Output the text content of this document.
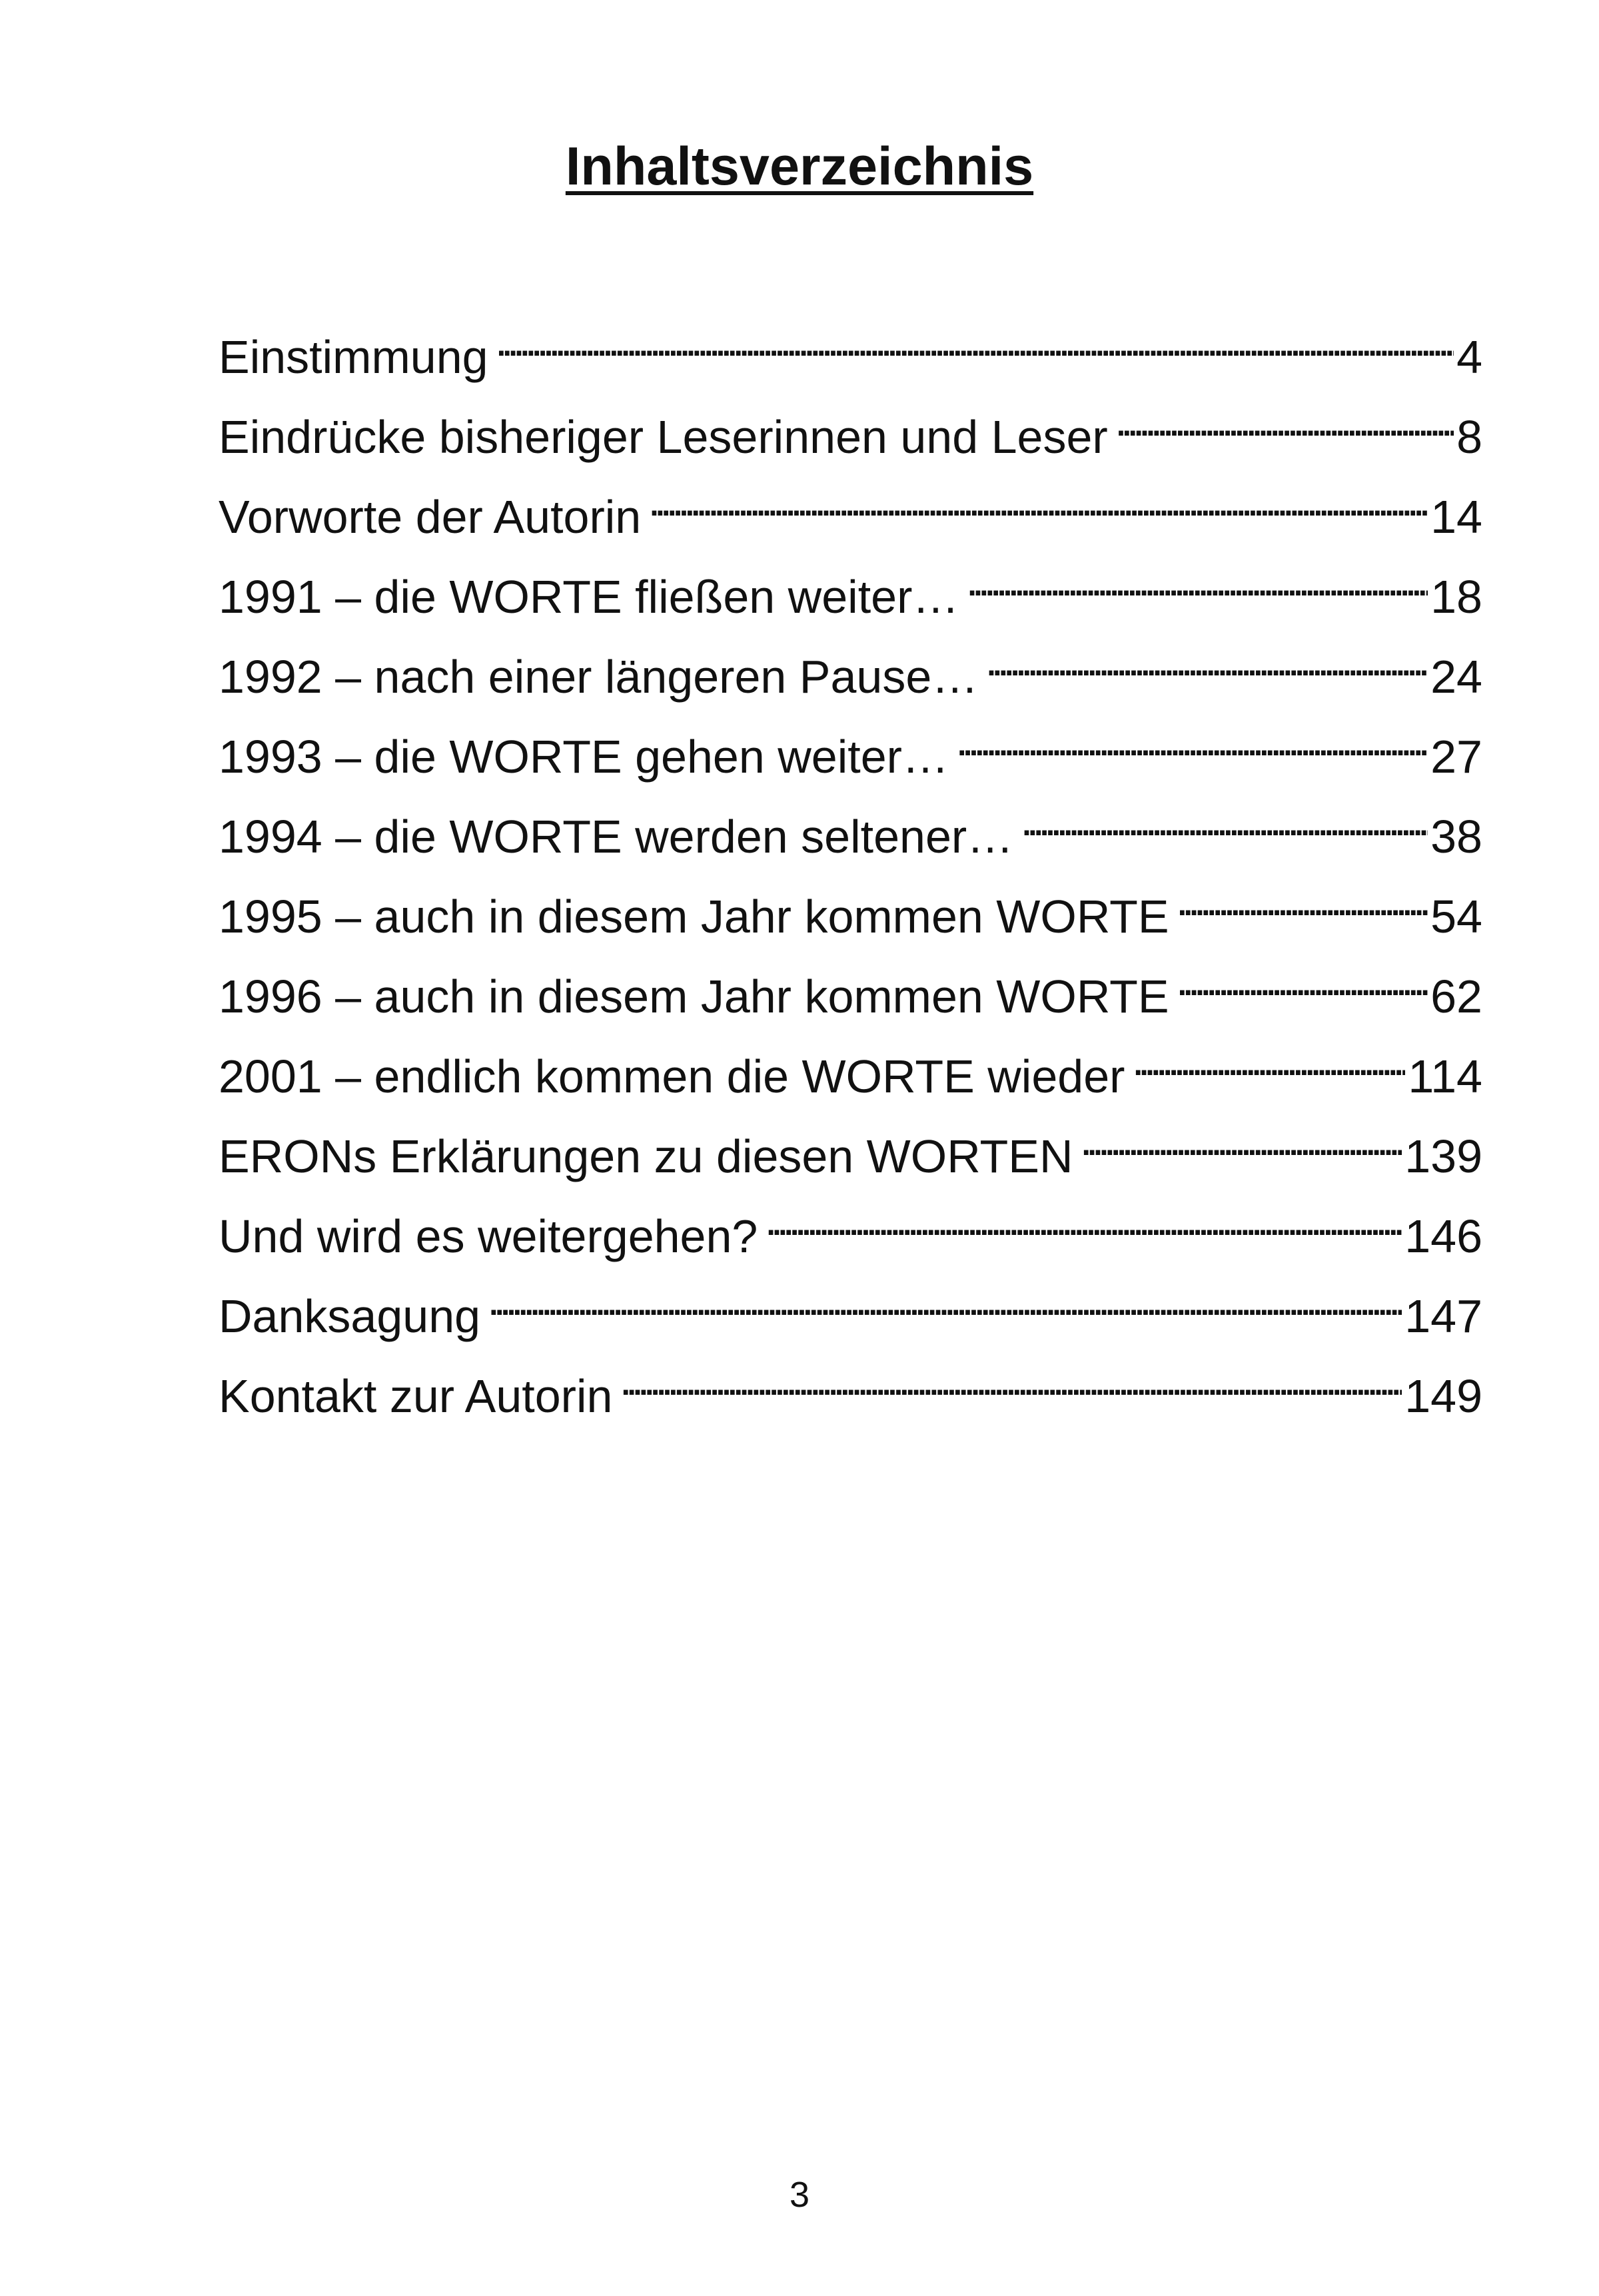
Inhaltsverzeichnis
Einstimmung . . .	4
Eindrücke bisheriger Leserinnen und Leser . . .	8
Vorworte der Autorin . . .	14
1991 – die WORTE fließen weiter… . . .	18
1992 – nach einer längeren Pause… . . .	24
1993 – die WORTE gehen weiter… . . .	27
1994 – die WORTE werden seltener… . . .	38
1995 – auch in diesem Jahr kommen WORTE . . .	54
1996 – auch in diesem Jahr kommen WORTE . . .	62
2001 – endlich kommen die WORTE wieder . . .	114
ERONs Erklärungen zu diesen WORTEN . . .	139
Und wird es weitergehen? . . .	146
Danksagung . . .	147
Kontakt zur Autorin . . .	149
3
